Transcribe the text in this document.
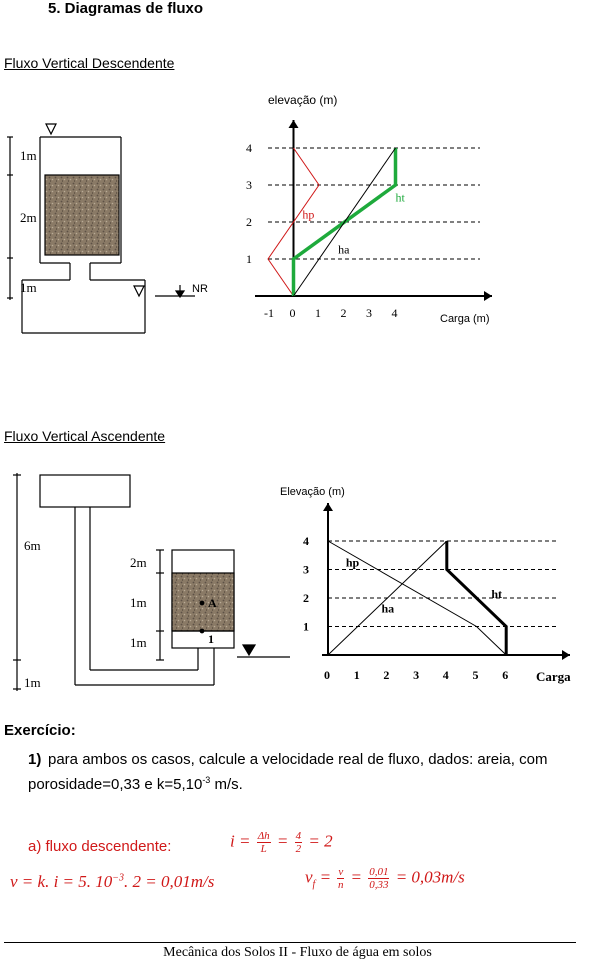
5. Diagramas de fluxo
Fluxo Vertical Descendente
1m
2m
1m	NR
4
3
2
1
-1 0 1 2 3 4
hp
ht
ha
elevação (m)
Carga (m)
Fluxo Vertical Ascendente
6m
1m
2m
1m
1m
A
1
4
3
2
1
0 1 2 3 4 5 6
hp
ht
ha
Elevação (m)
Carga
Exercício:
1) para ambos os casos, calcule a velocidade real de fluxo, dados: areia, com porosidade=0,33 e $k=5,10^{-3}$ m/s.
a) fluxo descendente:	$i = \frac{\Delta h}{L} = \frac{4}{2} = 2$
v = k. i = 5. $10^{-3}$. 2 = 0,01m/s	$v_f = \frac{v}{n} = \frac{0,01}{0,33} = 0,03m/s$
Mecânica dos Solos II - Fluxo de água em solos
